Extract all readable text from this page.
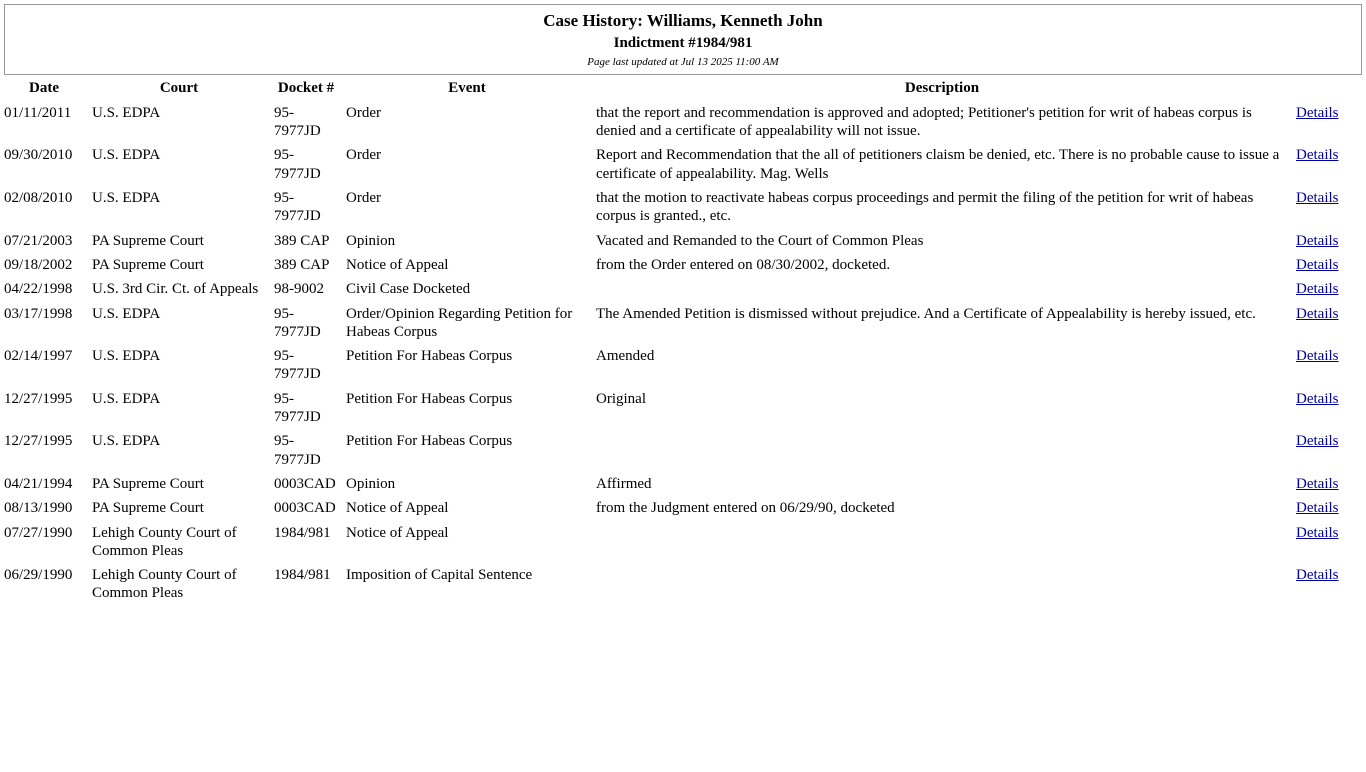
Case History: Williams, Kenneth John
Indictment #1984/981
Page last updated at Jul 13 2025 11:00 AM
Date	Court	Docket #	Event	Description	
01/11/2011	U.S. EDPA	95-7977JD	Order	that the report and recommendation is approved and adopted; Petitioner's petition for writ of habeas corpus is denied and a certificate of appealability will not issue.	Details
09/30/2010	U.S. EDPA	95-7977JD	Order	Report and Recommendation that the all of petitioners claism be denied, etc. There is no probable cause to issue a certificate of appealability. Mag. Wells	Details
02/08/2010	U.S. EDPA	95-7977JD	Order	that the motion to reactivate habeas corpus proceedings and permit the filing of the petition for writ of habeas corpus is granted., etc.	Details
07/21/2003	PA Supreme Court	389 CAP	Opinion	Vacated and Remanded to the Court of Common Pleas	Details
09/18/2002	PA Supreme Court	389 CAP	Notice of Appeal	from the Order entered on 08/30/2002, docketed.	Details
04/22/1998	U.S. 3rd Cir. Ct. of Appeals	98-9002	Civil Case Docketed		Details
03/17/1998	U.S. EDPA	95-7977JD	Order/Opinion Regarding Petition for Habeas Corpus	The Amended Petition is dismissed without prejudice. And a Certificate of Appealability is hereby issued, etc.	Details
02/14/1997	U.S. EDPA	95-7977JD	Petition For Habeas Corpus	Amended	Details
12/27/1995	U.S. EDPA	95-7977JD	Petition For Habeas Corpus	Original	Details
12/27/1995	U.S. EDPA	95-7977JD	Petition For Habeas Corpus		Details
04/21/1994	PA Supreme Court	0003CAD	Opinion	Affirmed	Details
08/13/1990	PA Supreme Court	0003CAD	Notice of Appeal	from the Judgment entered on 06/29/90, docketed	Details
07/27/1990	Lehigh County Court of Common Pleas	1984/981	Notice of Appeal		Details
06/29/1990	Lehigh County Court of Common Pleas	1984/981	Imposition of Capital Sentence		Details
